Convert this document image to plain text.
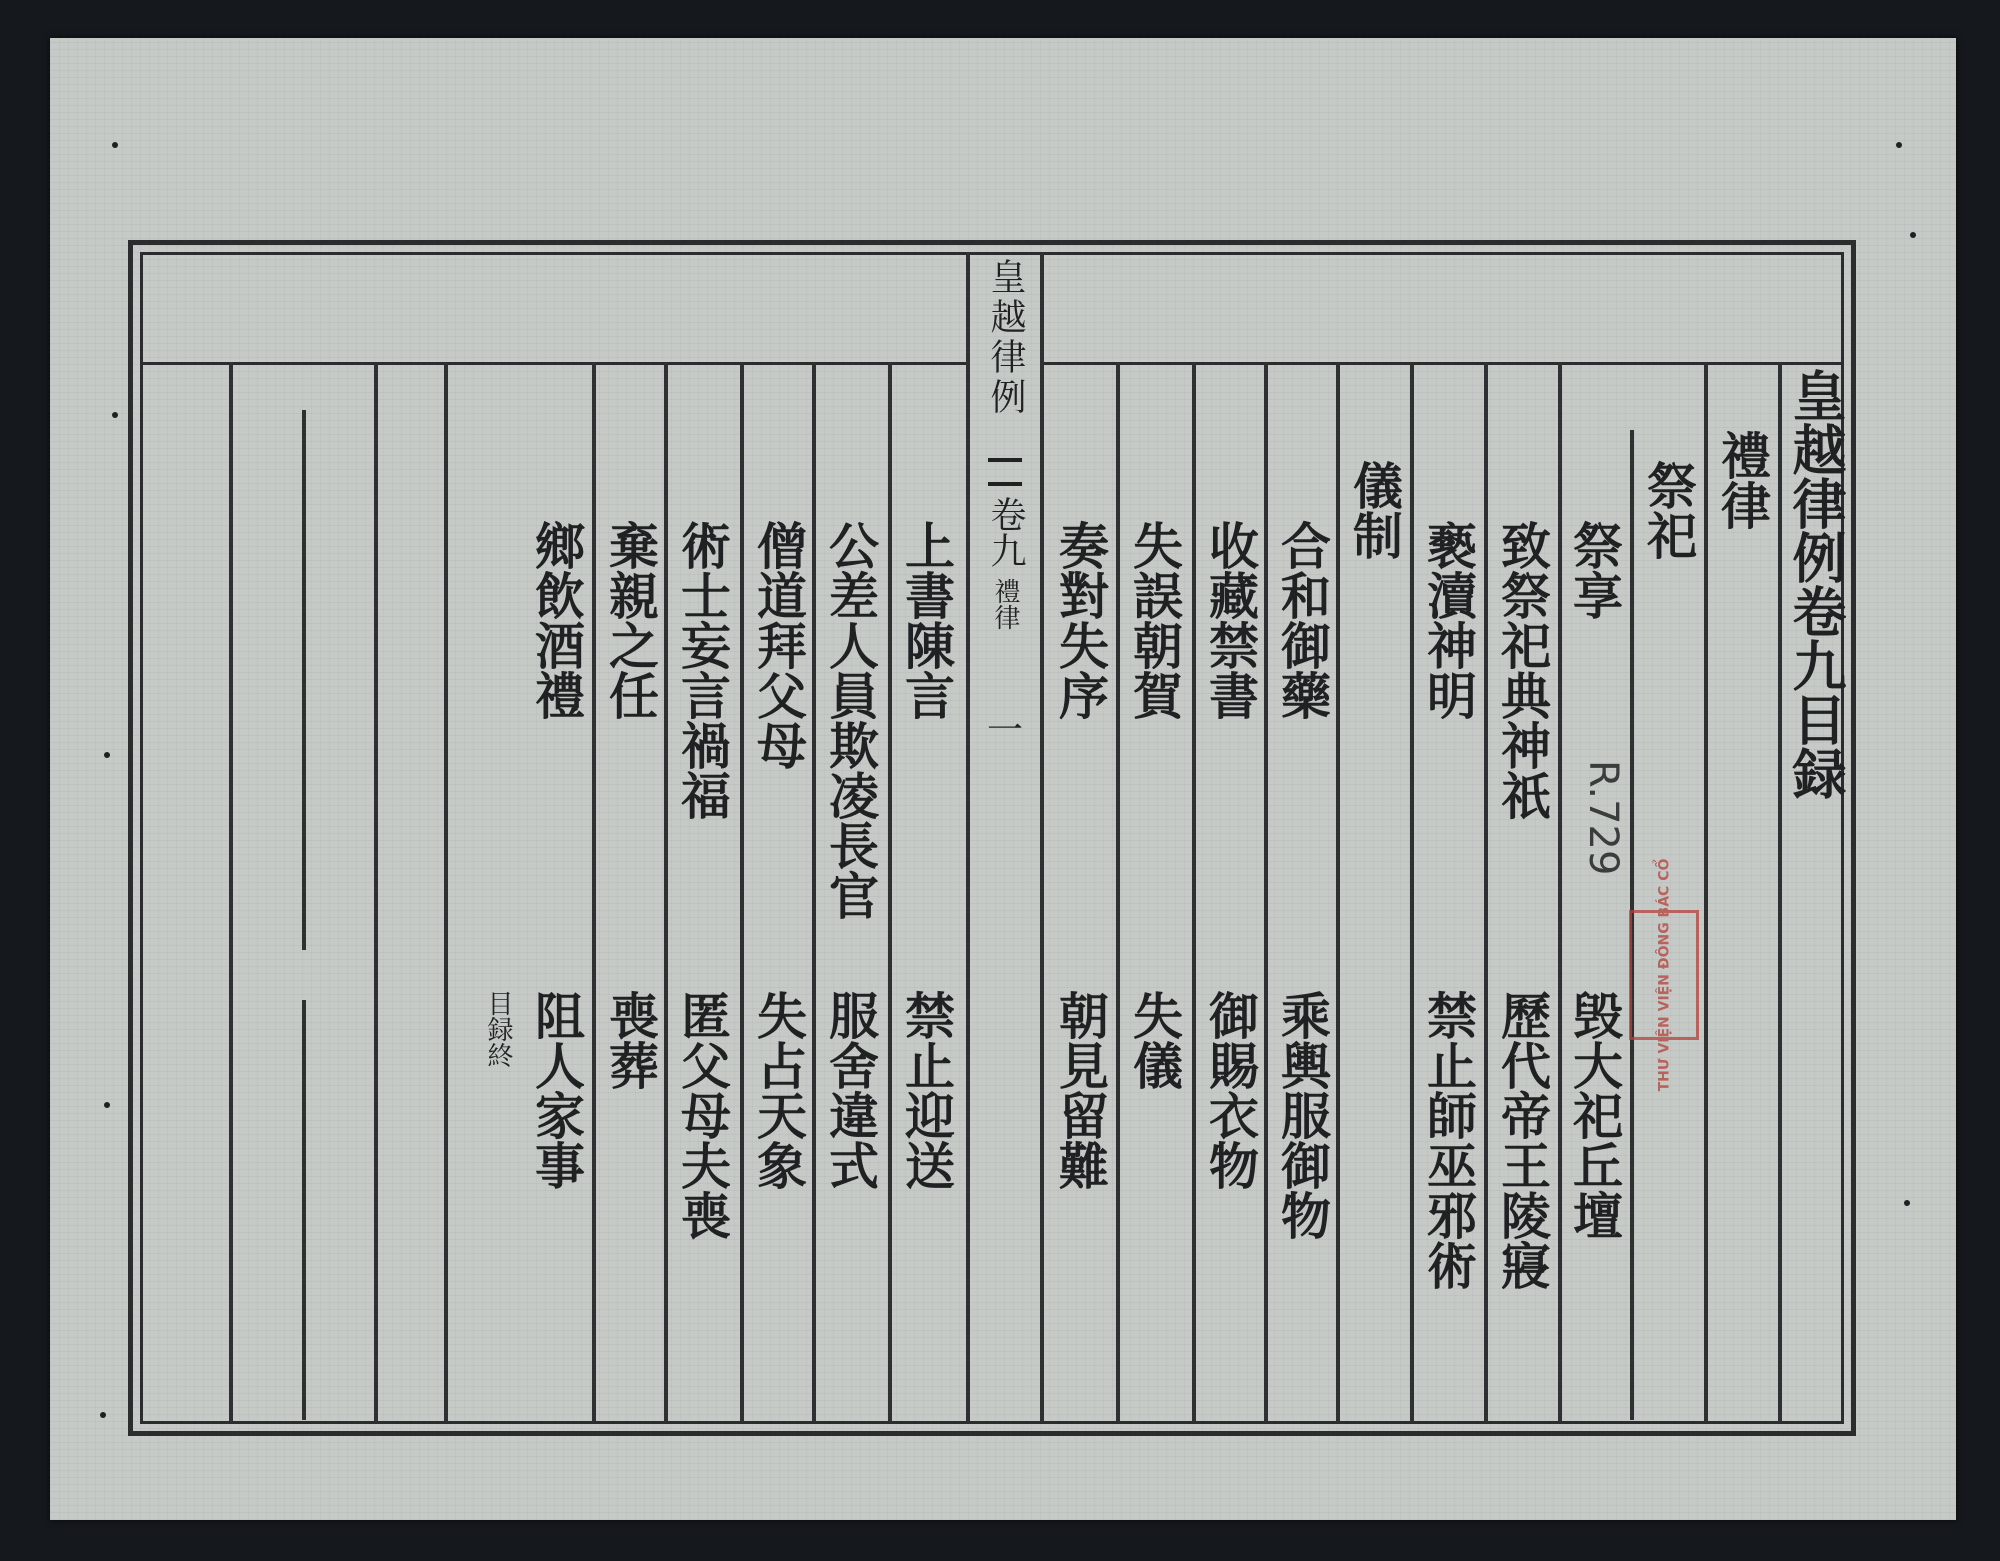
皇越律例
卷九
禮律
一	皇越律例卷九目録
禮律
祭祀
祭享
毁大祀丘壇
致祭祀典神祇
歷代帝王陵寢
褻瀆神明
禁止師巫邪術
儀制
合和御藥
乘輿服御物
收藏禁書
御賜衣物
失誤朝賀
失儀
奏對失序
朝見留難
上書陳言
禁止迎送
公差人員欺凌長官
服舍違式
僧道拜父母
失占天象
術士妄言禍福
匿父母夫喪
棄親之任
喪葬
鄉飲酒禮
阻人家事
目録終
R.729
THƯ VIỆN VIỆN ĐÔNG BÁC CỔ
